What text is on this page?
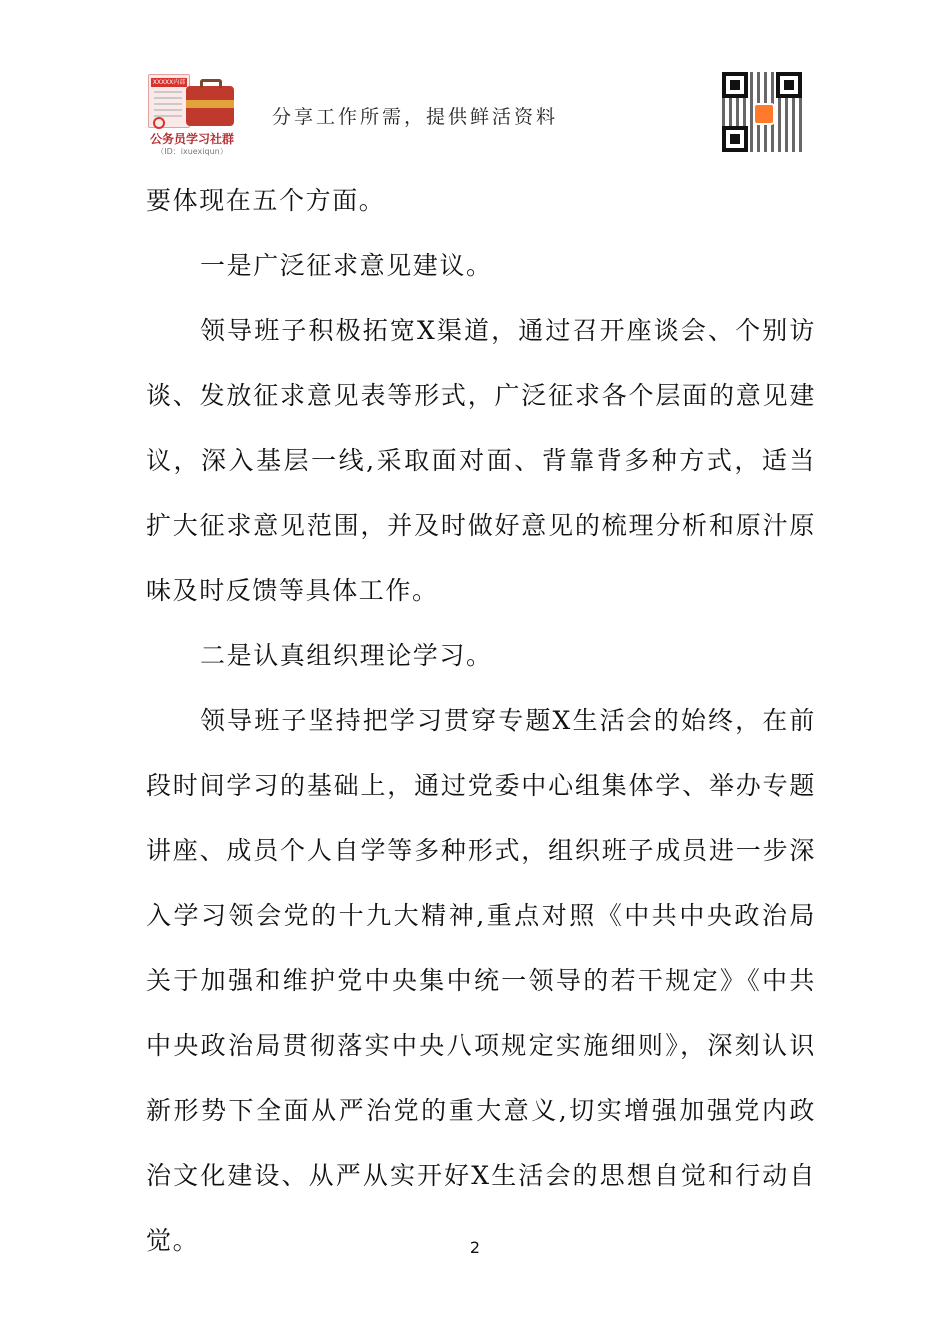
XXXXX内部
公务员学习社群
（ID：ixuexiqun）
分享工作所需，提供鲜活资料

要体现在五个方面。

一是广泛征求意见建议。

领导班子积极拓宽Ⅹ渠道，通过召开座谈会、个别访谈、发放征求意见表等形式，广泛征求各个层面的意见建议，深入基层一线,采取面对面、背靠背多种方式，适当扩大征求意见范围，并及时做好意见的梳理分析和原汁原味及时反馈等具体工作。

二是认真组织理论学习。

领导班子坚持把学习贯穿专题X生活会的始终，在前段时间学习的基础上，通过党委中心组集体学、举办专题讲座、成员个人自学等多种形式，组织班子成员进一步深入学习领会党的十九大精神,重点对照《中共中央政治局关于加强和维护党中央集中统一领导的若干规定》《中共中央政治局贯彻落实中央八项规定实施细则》，深刻认识新形势下全面从严治党的重大意义,切实增强加强党内政治文化建设、从严从实开好X生活会的思想自觉和行动自觉。	2
